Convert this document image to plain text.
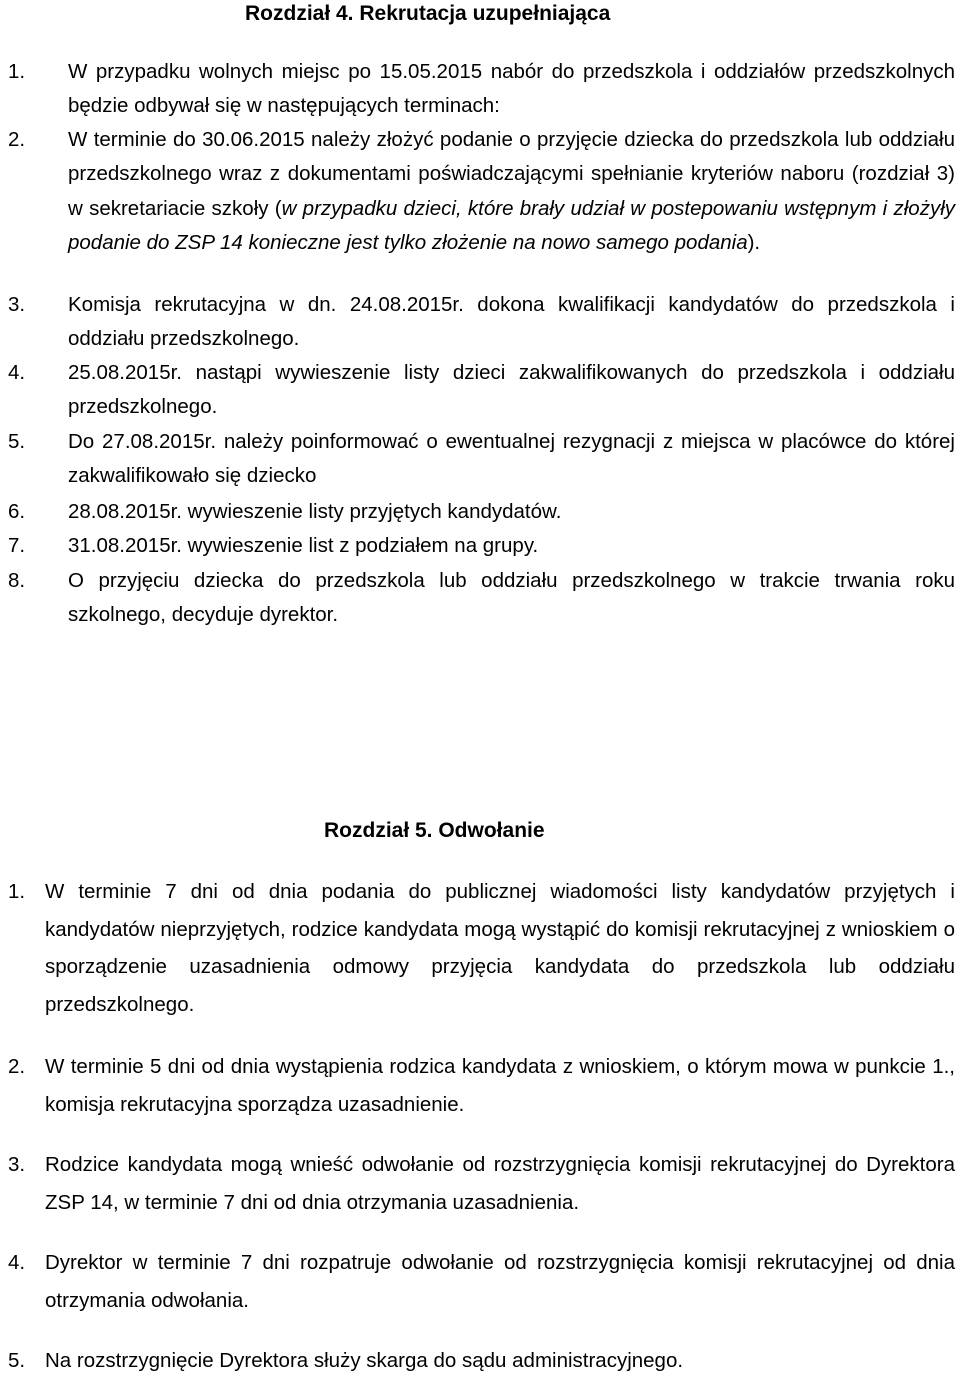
Rozdział 4. Rekrutacja uzupełniająca
1. W przypadku wolnych miejsc po 15.05.2015 nabór do przedszkola i oddziałów przedszkolnych będzie odbywał się w następujących terminach:
2. W terminie do 30.06.2015 należy złożyć podanie o przyjęcie dziecka do przedszkola lub oddziału przedszkolnego wraz z dokumentami poświadczającymi spełnianie kryteriów naboru (rozdział 3) w sekretariacie szkoły (w przypadku dzieci, które brały udział w postepowaniu wstępnym i złożyły podanie do ZSP 14 konieczne jest tylko złożenie na nowo samego podania).
3. Komisja rekrutacyjna w dn. 24.08.2015r. dokona kwalifikacji kandydatów do przedszkola i oddziału przedszkolnego.
4. 25.08.2015r. nastąpi wywieszenie listy dzieci zakwalifikowanych do przedszkola i oddziału przedszkolnego.
5. Do 27.08.2015r. należy poinformować o ewentualnej rezygnacji z miejsca w placówce do której zakwalifikowało się dziecko
6. 28.08.2015r. wywieszenie listy przyjętych kandydatów.
7. 31.08.2015r. wywieszenie list z podziałem na grupy.
8. O przyjęciu dziecka do przedszkola lub oddziału przedszkolnego w trakcie trwania roku szkolnego, decyduje dyrektor.
Rozdział 5. Odwołanie
1. W terminie 7 dni od dnia podania do publicznej wiadomości listy kandydatów przyjętych i kandydatów nieprzyjętych, rodzice kandydata mogą wystąpić do komisji rekrutacyjnej z wnioskiem o sporządzenie uzasadnienia odmowy przyjęcia kandydata do przedszkola lub oddziału przedszkolnego.
2. W terminie 5 dni od dnia wystąpienia rodzica kandydata z wnioskiem, o którym mowa w punkcie 1., komisja rekrutacyjna sporządza uzasadnienie.
3. Rodzice kandydata mogą wnieść odwołanie od rozstrzygnięcia komisji rekrutacyjnej do Dyrektora ZSP 14, w terminie 7 dni od dnia otrzymania uzasadnienia.
4. Dyrektor w terminie 7 dni rozpatruje odwołanie od rozstrzygnięcia komisji rekrutacyjnej od dnia otrzymania odwołania.
5. Na rozstrzygnięcie Dyrektora służy skarga do sądu administracyjnego.
